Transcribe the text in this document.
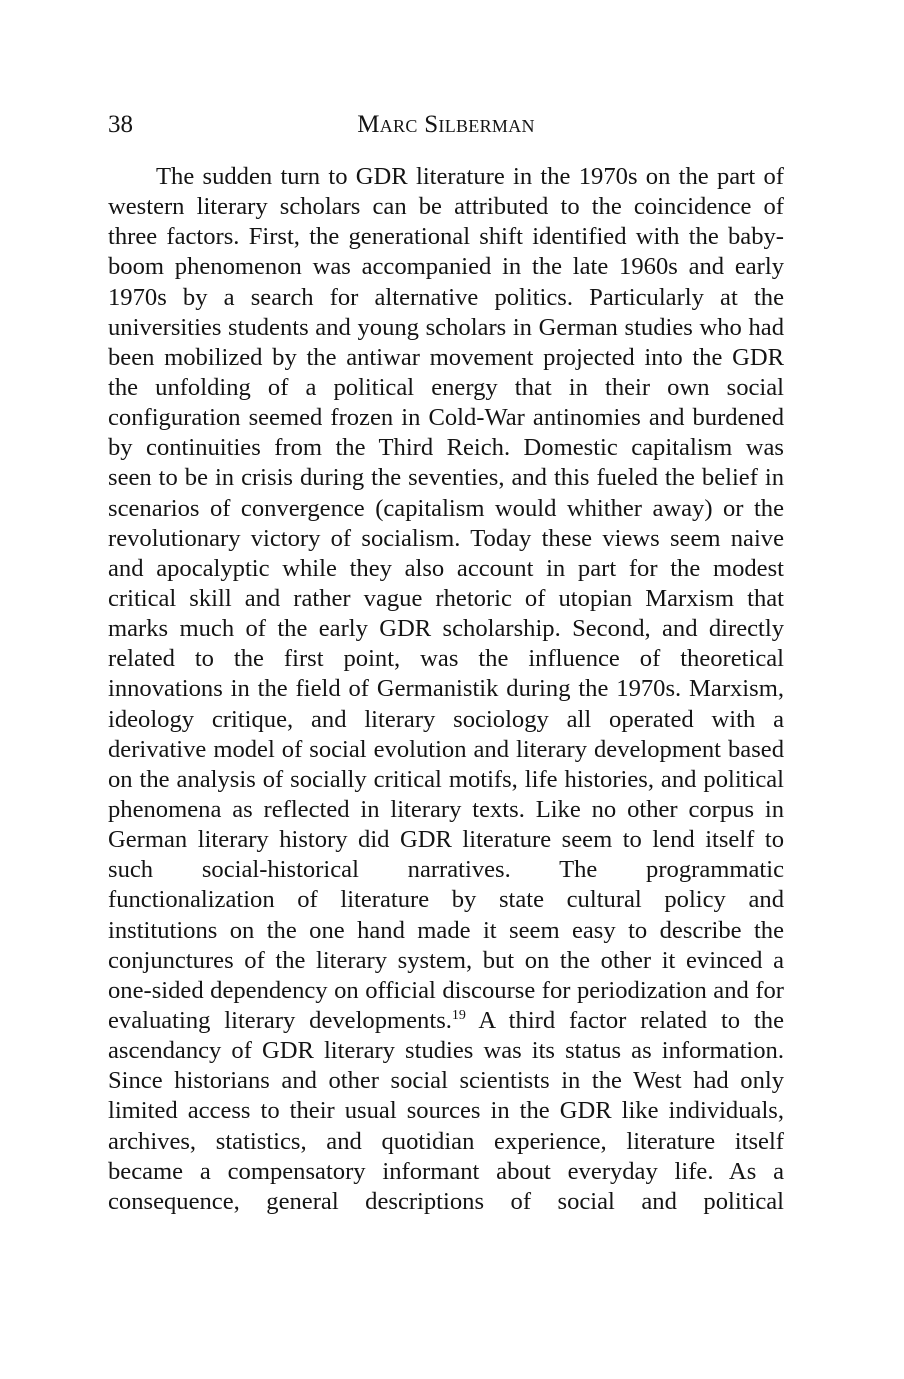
38	Marc Silberman
The sudden turn to GDR literature in the 1970s on the part of
western literary scholars can be attributed to the coincidence of
three factors. First, the generational shift identified with the baby-
boom phenomenon was accompanied in the late 1960s and early
1970s by a search for alternative politics. Particularly at the
universities students and young scholars in German studies who had
been mobilized by the antiwar movement projected into the GDR
the unfolding of a political energy that in their own social
configuration seemed frozen in Cold-War antinomies and burdened
by continuities from the Third Reich. Domestic capitalism was
seen to be in crisis during the seventies, and this fueled the belief in
scenarios of convergence (capitalism would whither away) or the
revolutionary victory of socialism. Today these views seem naive
and apocalyptic while they also account in part for the modest
critical skill and rather vague rhetoric of utopian Marxism that
marks much of the early GDR scholarship. Second, and directly
related to the first point, was the influence of theoretical
innovations in the field of Germanistik during the 1970s. Marxism,
ideology critique, and literary sociology all operated with a
derivative model of social evolution and literary development based
on the analysis of socially critical motifs, life histories, and political
phenomena as reflected in literary texts. Like no other corpus in
German literary history did GDR literature seem to lend itself to
such social-historical narratives. The programmatic
functionalization of literature by state cultural policy and
institutions on the one hand made it seem easy to describe the
conjunctures of the literary system, but on the other it evinced a
one-sided dependency on official discourse for periodization and for
evaluating literary developments.$^{19}$ A third factor related to the
ascendancy of GDR literary studies was its status as information.
Since historians and other social scientists in the West had only
limited access to their usual sources in the GDR like individuals,
archives, statistics, and quotidian experience, literature itself
became a compensatory informant about everyday life. As a
consequence, general descriptions of social and political
